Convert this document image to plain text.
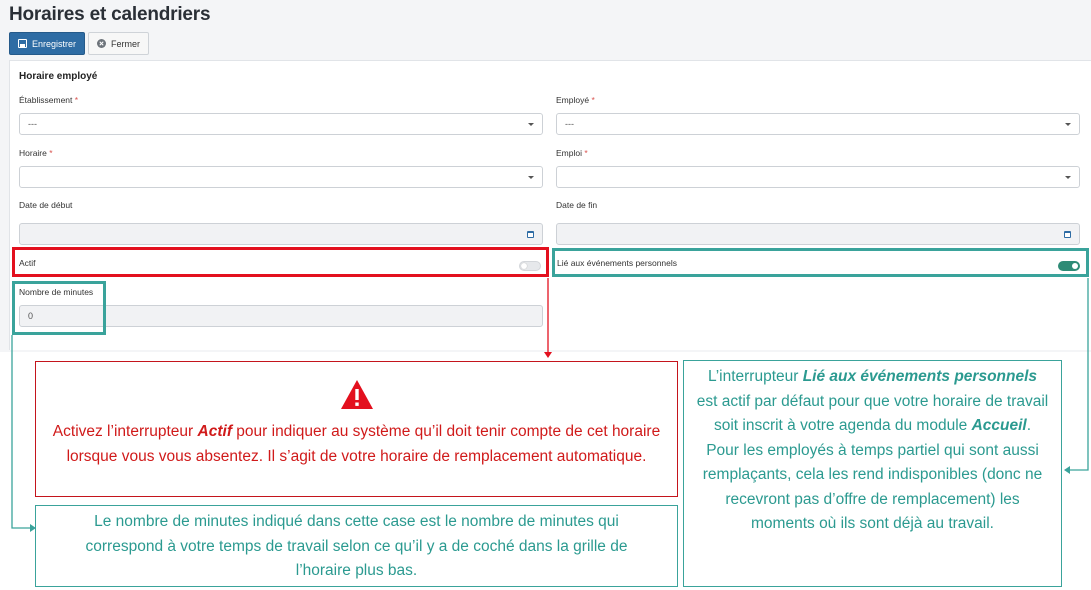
Horaires et calendriers
Enregistrer	Fermer
Horaire employé
Établissement *
---
Employé *
---
Horaire *	Emploi *
Date de début	Date de fin
Actif	Lié aux événements personnels
Nombre de minutes
0
Activez l’interrupteur Actif pour indiquer au système qu’il doit tenir compte de cet horaire lorsque vous vous absentez. Il s’agit de votre horaire de remplacement automatique.
Le nombre de minutes indiqué dans cette case est le nombre de minutes qui correspond à votre temps de travail selon ce qu’il y a de coché dans la grille de l’horaire plus bas.
L’interrupteur Lié aux événements personnels est actif par défaut pour que votre horaire de travail soit inscrit à votre agenda du module Accueil. Pour les employés à temps partiel qui sont aussi remplaçants, cela les rend indisponibles (donc ne recevront pas d’offre de remplacement) les moments où ils sont déjà au travail.
